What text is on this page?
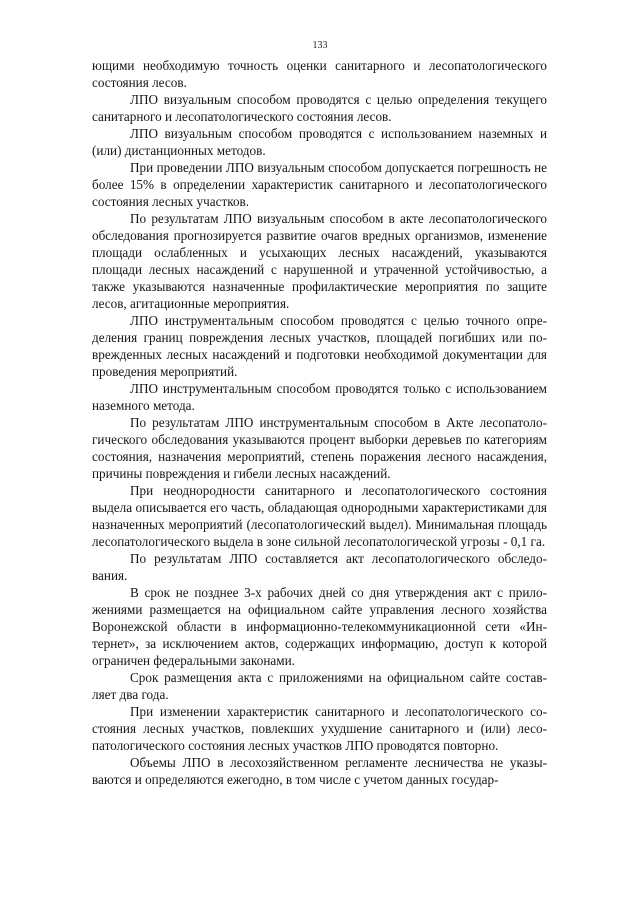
133

ющими необходимую точность оценки санитарного и лесопатологического состояния лесов.

ЛПО визуальным способом проводятся с целью определения текущего санитарного и лесопатологического состояния лесов.

ЛПО визуальным способом проводятся с использованием наземных и (или) дистанционных методов.

При проведении ЛПО визуальным способом допускается погрешность не более 15% в определении характеристик санитарного и лесопатологического состояния лесных участков.

По результатам ЛПО визуальным способом в акте лесопатологического обследования прогнозируется развитие очагов вредных организмов, изменение площади ослабленных и усыхающих лесных насаждений, указываются площади лесных насаждений с нарушенной и утраченной устойчивостью, а также указываются назначенные профилактические мероприятия по защите лесов, агитационные мероприятия.

ЛПО инструментальным способом проводятся с целью точного определения границ повреждения лесных участков, площадей погибших или поврежденных лесных насаждений и подготовки необходимой документации для проведения мероприятий.

ЛПО инструментальным способом проводятся только с использованием наземного метода.

По результатам ЛПО инструментальным способом в Акте лесопатологического обследования указываются процент выборки деревьев по категориям состояния, назначения мероприятий, степень поражения лесного насаждения, причины повреждения и гибели лесных насаждений.

При неоднородности санитарного и лесопатологического состояния выдела описывается его часть, обладающая однородными характеристиками для назначенных мероприятий (лесопатологический выдел). Минимальная площадь лесопатологического выдела в зоне сильной лесопатологической угрозы - 0,1 га.

По результатам ЛПО составляется акт лесопатологического обследования.

В срок не позднее 3-х рабочих дней со дня утверждения акт с приложениями размещается на официальном сайте управления лесного хозяйства Воронежской области в информационно-телекоммуникационной сети «Интернет», за исключением актов, содержащих информацию, доступ к которой ограничен федеральными законами.

Срок размещения акта с приложениями на официальном сайте составляет два года.

При изменении характеристик санитарного и лесопатологического состояния лесных участков, повлекших ухудшение санитарного и (или) лесопатологического состояния лесных участков ЛПО проводятся повторно.

Объемы ЛПО в лесохозяйственном регламенте лесничества не указываются и определяются ежегодно, в том числе с учетом данных государ-
